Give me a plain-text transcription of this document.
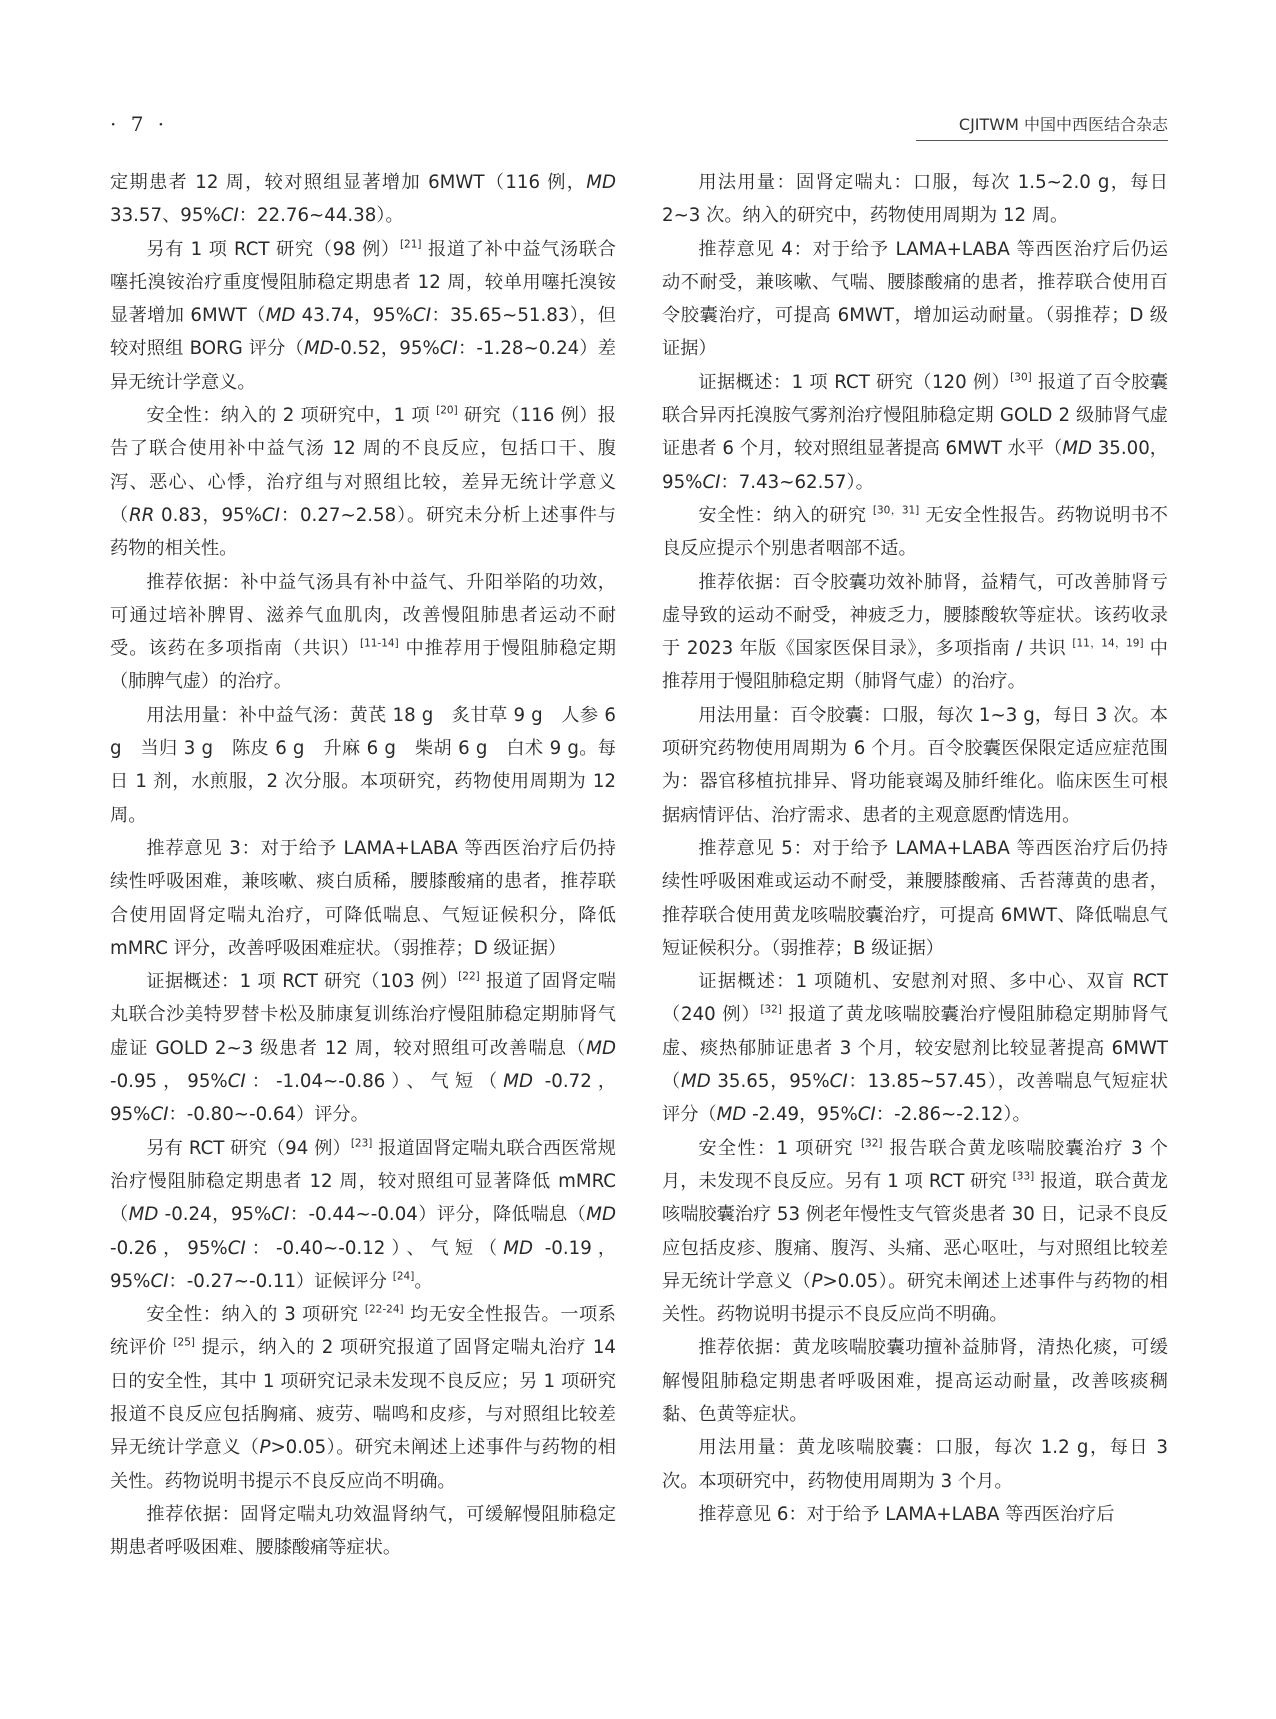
· 7 ·	CJITWM 中国中西医结合杂志

定期患者 12 周，较对照组显著增加 6MWT（116 例，MD 33.57、95%CI：22.76~44.38）。

另有 1 项 RCT 研究（98 例）[21] 报道了补中益气汤联合噻托溴铵治疗重度慢阻肺稳定期患者 12 周，较单用噻托溴铵显著增加 6MWT（MD 43.74，95%CI：35.65~51.83），但较对照组 BORG 评分（MD-0.52，95%CI：-1.28~0.24）差异无统计学意义。

安全性：纳入的 2 项研究中，1 项 [20] 研究（116 例）报告了联合使用补中益气汤 12 周的不良反应，包括口干、腹泻、恶心、心悸，治疗组与对照组比较，差异无统计学意义（RR 0.83，95%CI：0.27~2.58）。研究未分析上述事件与药物的相关性。

推荐依据：补中益气汤具有补中益气、升阳举陷的功效，可通过培补脾胃、滋养气血肌肉，改善慢阻肺患者运动不耐受。该药在多项指南（共识）[11-14] 中推荐用于慢阻肺稳定期（肺脾气虚）的治疗。

用法用量：补中益气汤：黄芪 18 g　炙甘草 9 g　人参 6 g　当归 3 g　陈皮 6 g　升麻 6 g　柴胡 6 g　白术 9 g。每日 1 剂，水煎服，2 次分服。本项研究，药物使用周期为 12 周。

推荐意见 3：对于给予 LAMA+LABA 等西医治疗后仍持续性呼吸困难，兼咳嗽、痰白质稀，腰膝酸痛的患者，推荐联合使用固肾定喘丸治疗，可降低喘息、气短证候积分，降低 mMRC 评分，改善呼吸困难症状。（弱推荐；D 级证据）

证据概述：1 项 RCT 研究（103 例）[22] 报道了固肾定喘丸联合沙美特罗替卡松及肺康复训练治疗慢阻肺稳定期肺肾气虚证 GOLD 2~3 级患者 12 周，较对照组可改善喘息（MD -0.95，95%CI：-1.04~-0.86）、气短（MD -0.72，95%CI：-0.80~-0.64）评分。

另有 RCT 研究（94 例）[23] 报道固肾定喘丸联合西医常规治疗慢阻肺稳定期患者 12 周，较对照组可显著降低 mMRC（MD -0.24，95%CI：-0.44~-0.04）评分，降低喘息（MD -0.26，95%CI：-0.40~-0.12）、气短（MD -0.19，95%CI：-0.27~-0.11）证候评分 [24]。

安全性：纳入的 3 项研究 [22-24] 均无安全性报告。一项系统评价 [25] 提示，纳入的 2 项研究报道了固肾定喘丸治疗 14 日的安全性，其中 1 项研究记录未发现不良反应；另 1 项研究报道不良反应包括胸痛、疲劳、喘鸣和皮疹，与对照组比较差异无统计学意义（P>0.05）。研究未阐述上述事件与药物的相关性。药物说明书提示不良反应尚不明确。

推荐依据：固肾定喘丸功效温肾纳气，可缓解慢阻肺稳定期患者呼吸困难、腰膝酸痛等症状。

用法用量：固肾定喘丸：口服，每次 1.5~2.0 g，每日 2~3 次。纳入的研究中，药物使用周期为 12 周。

推荐意见 4：对于给予 LAMA+LABA 等西医治疗后仍运动不耐受，兼咳嗽、气喘、腰膝酸痛的患者，推荐联合使用百令胶囊治疗，可提高 6MWT，增加运动耐量。（弱推荐；D 级证据）

证据概述：1 项 RCT 研究（120 例）[30] 报道了百令胶囊联合异丙托溴胺气雾剂治疗慢阻肺稳定期 GOLD 2 级肺肾气虚证患者 6 个月，较对照组显著提高 6MWT 水平（MD 35.00，95%CI：7.43~62.57）。

安全性：纳入的研究 [30，31] 无安全性报告。药物说明书不良反应提示个别患者咽部不适。

推荐依据：百令胶囊功效补肺肾，益精气，可改善肺肾亏虚导致的运动不耐受，神疲乏力，腰膝酸软等症状。该药收录于 2023 年版《国家医保目录》，多项指南 / 共识 [11，14，19] 中推荐用于慢阻肺稳定期（肺肾气虚）的治疗。

用法用量：百令胶囊：口服，每次 1~3 g，每日 3 次。本项研究药物使用周期为 6 个月。百令胶囊医保限定适应症范围为：器官移植抗排异、肾功能衰竭及肺纤维化。临床医生可根据病情评估、治疗需求、患者的主观意愿酌情选用。

推荐意见 5：对于给予 LAMA+LABA 等西医治疗后仍持续性呼吸困难或运动不耐受，兼腰膝酸痛、舌苔薄黄的患者，推荐联合使用黄龙咳喘胶囊治疗，可提高 6MWT、降低喘息气短证候积分。（弱推荐；B 级证据）

证据概述：1 项随机、安慰剂对照、多中心、双盲 RCT（240 例）[32] 报道了黄龙咳喘胶囊治疗慢阻肺稳定期肺肾气虚、痰热郁肺证患者 3 个月，较安慰剂比较显著提高 6MWT（MD 35.65，95%CI：13.85~57.45），改善喘息气短症状评分（MD -2.49，95%CI：-2.86~-2.12）。

安全性：1 项研究 [32] 报告联合黄龙咳喘胶囊治疗 3 个月，未发现不良反应。另有 1 项 RCT 研究 [33] 报道，联合黄龙咳喘胶囊治疗 53 例老年慢性支气管炎患者 30 日，记录不良反应包括皮疹、腹痛、腹泻、头痛、恶心呕吐，与对照组比较差异无统计学意义（P>0.05）。研究未阐述上述事件与药物的相关性。药物说明书提示不良反应尚不明确。

推荐依据：黄龙咳喘胶囊功擅补益肺肾，清热化痰，可缓解慢阻肺稳定期患者呼吸困难，提高运动耐量，改善咳痰稠黏、色黄等症状。

用法用量：黄龙咳喘胶囊：口服，每次 1.2 g，每日 3 次。本项研究中，药物使用周期为 3 个月。

推荐意见 6：对于给予 LAMA+LABA 等西医治疗后
